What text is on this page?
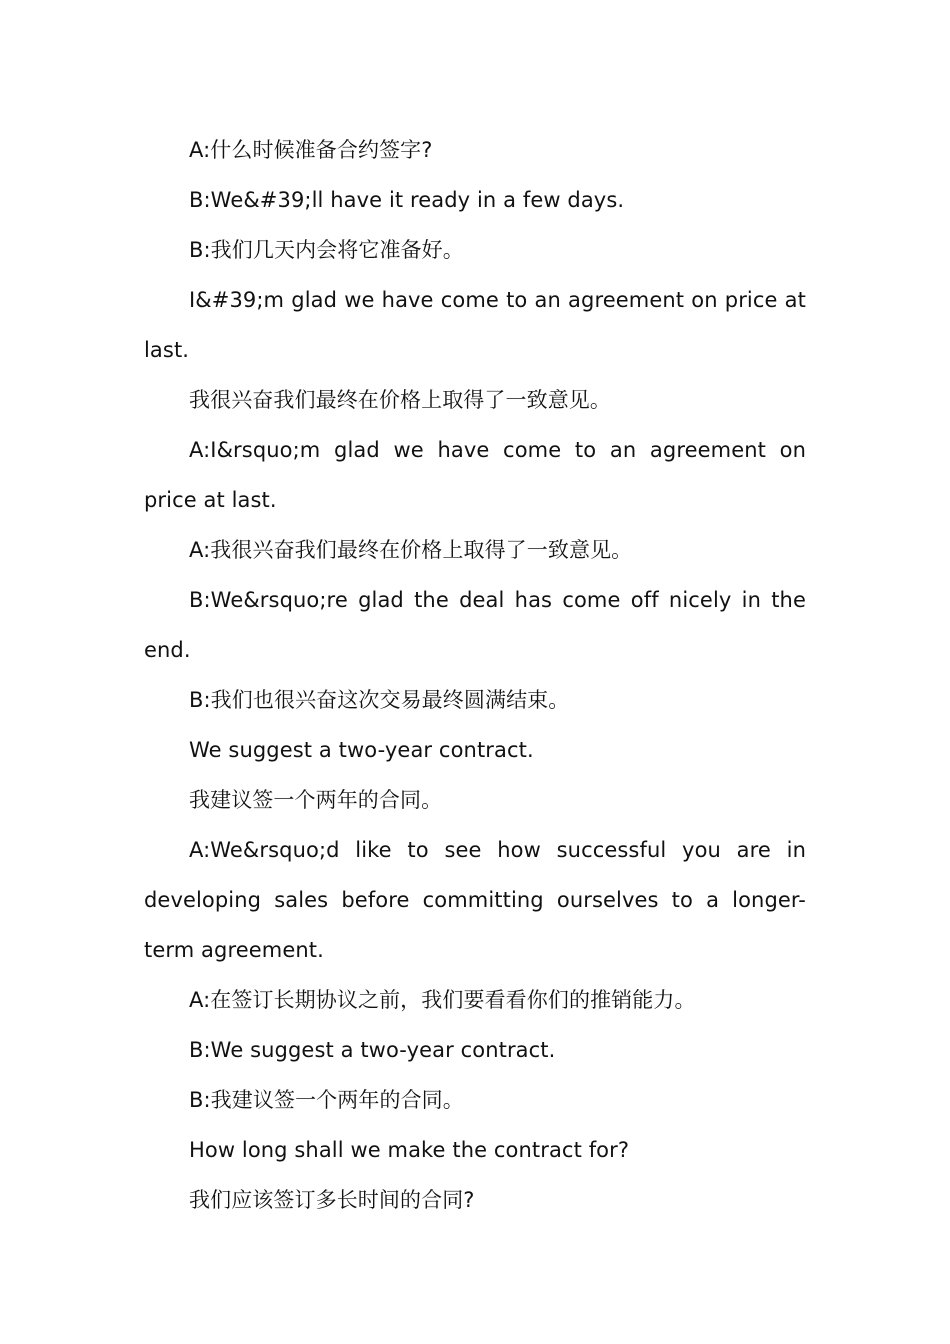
A:什么时候准备合约签字?

B:We&#39;ll have it ready in a few days.

B:我们几天内会将它准备好。

I&#39;m glad we have come to an agreement on price at last.

我很兴奋我们最终在价格上取得了一致意见。

A:I&rsquo;m glad we have come to an agreement on price at last.

A:我很兴奋我们最终在价格上取得了一致意见。

B:We&rsquo;re glad the deal has come off nicely in the end.

B:我们也很兴奋这次交易最终圆满结束。

We suggest a two-year contract.

我建议签一个两年的合同。

A:We&rsquo;d like to see how successful you are in developing sales before committing ourselves to a longer-term agreement.

A:在签订长期协议之前，我们要看看你们的推销能力。

B:We suggest a two-year contract.

B:我建议签一个两年的合同。

How long shall we make the contract for?

我们应该签订多长时间的合同?
